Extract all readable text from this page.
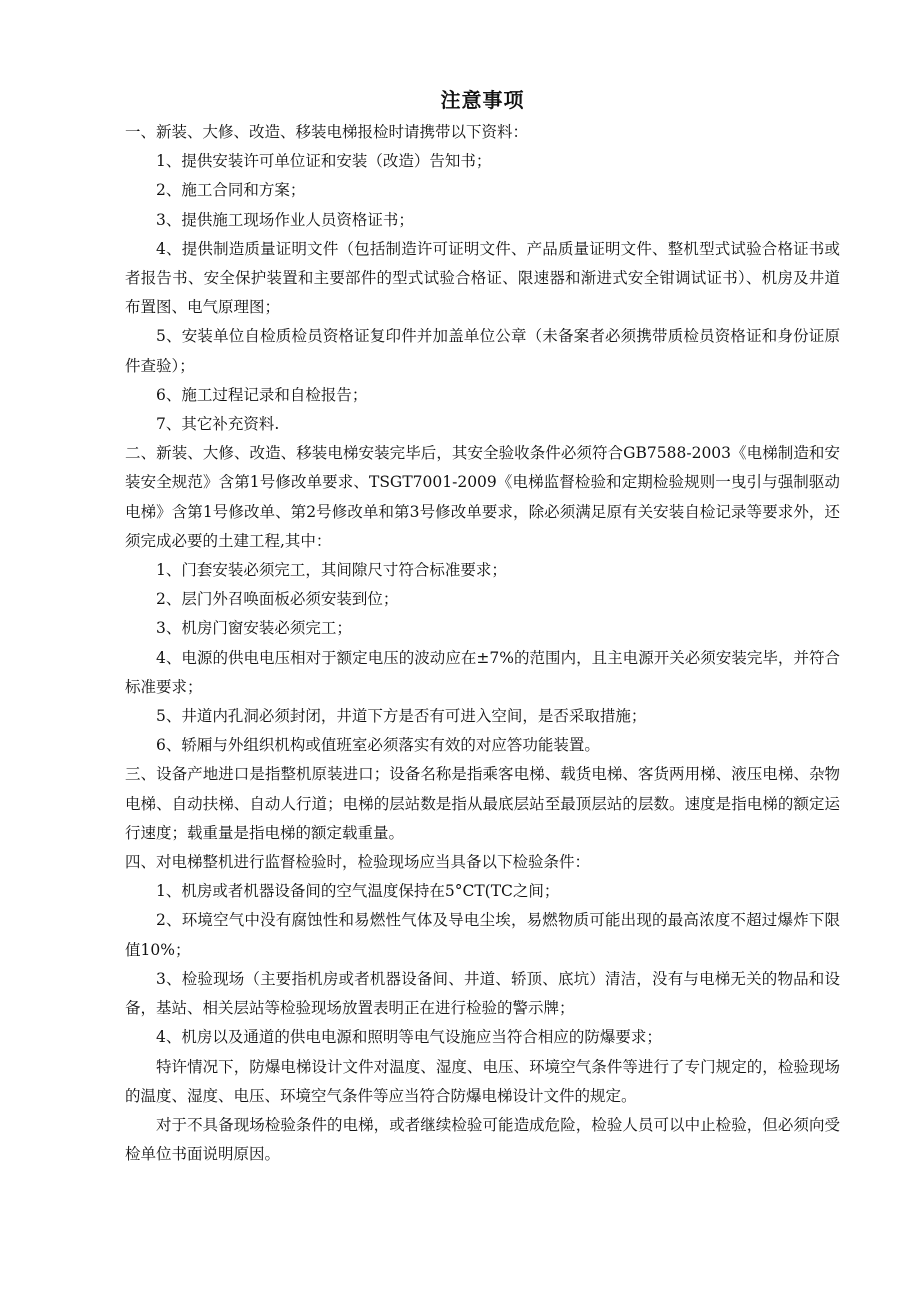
注意事项

一、新装、大修、改造、移装电梯报检时请携带以下资料：

1、提供安装许可单位证和安装（改造）告知书；

2、施工合同和方案；

3、提供施工现场作业人员资格证书；

4、提供制造质量证明文件（包括制造许可证明文件、产品质量证明文件、整机型式试验合格证书或者报告书、安全保护装置和主要部件的型式试验合格证、限速器和渐进式安全钳调试证书）、机房及井道布置图、电气原理图；

5、安装单位自检质检员资格证复印件并加盖单位公章（未备案者必须携带质检员资格证和身份证原件查验）；

6、施工过程记录和自检报告；

7、其它补充资料.

二、新装、大修、改造、移装电梯安装完毕后，其安全验收条件必须符合GB7588-2003《电梯制造和安装安全规范》含第1号修改单要求、TSGT7001-2009《电梯监督检验和定期检验规则一曳引与强制驱动电梯》含第1号修改单、第2号修改单和第3号修改单要求，除必须满足原有关安装自检记录等要求外，还须完成必要的土建工程,其中：

1、门套安装必须完工，其间隙尺寸符合标准要求；

2、层门外召唤面板必须安装到位；

3、机房门窗安装必须完工；

4、电源的供电电压相对于额定电压的波动应在±7%的范围内，且主电源开关必须安装完毕，并符合标准要求；

5、井道内孔洞必须封闭，井道下方是否有可进入空间，是否采取措施；

6、轿厢与外组织机构或值班室必须落实有效的对应答功能装置。

三、设备产地进口是指整机原装进口；设备名称是指乘客电梯、载货电梯、客货两用梯、液压电梯、杂物电梯、自动扶梯、自动人行道；电梯的层站数是指从最底层站至最顶层站的层数。速度是指电梯的额定运行速度；载重量是指电梯的额定载重量。

四、对电梯整机进行监督检验时，检验现场应当具备以下检验条件：

1、机房或者机器设备间的空气温度保持在5°CT(TC之间；

2、环境空气中没有腐蚀性和易燃性气体及导电尘埃，易燃物质可能出现的最高浓度不超过爆炸下限值10%；

3、检验现场（主要指机房或者机器设备间、井道、轿顶、底坑）清洁，没有与电梯无关的物品和设备，基站、相关层站等检验现场放置表明正在进行检验的警示牌；

4、机房以及通道的供电电源和照明等电气设施应当符合相应的防爆要求；

特许情况下，防爆电梯设计文件对温度、湿度、电压、环境空气条件等进行了专门规定的，检验现场的温度、湿度、电压、环境空气条件等应当符合防爆电梯设计文件的规定。

对于不具备现场检验条件的电梯，或者继续检验可能造成危险，检验人员可以中止检验，但必须向受检单位书面说明原因。
